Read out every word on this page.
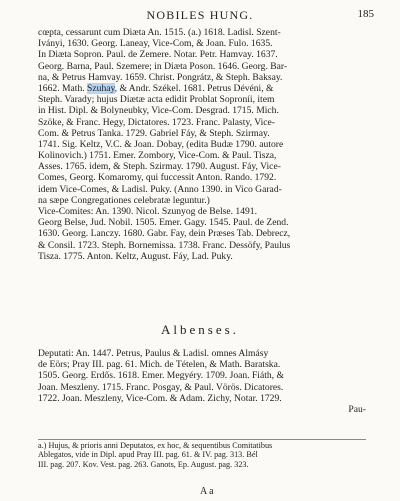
NOBILES HUNG.	185
cœpta, cessarunt cum Diæta An. 1515. (a.) 1618. Ladisl. Szent-
Iványi, 1630. Georg. Laneay, Vice-Com, & Joan. Fulo. 1635.
In Diæta Sopron. Paul. de Zemere. Notar. Petr. Hamvay. 1637.
Georg. Barna, Paul. Szemere; in Diæta Poson. 1646. Georg. Bar-
na, & Petrus Hamvay. 1659. Christ. Pongrátz, & Steph. Baksay.
1662. Math. Szuhay, & Andr. Székel. 1681. Petrus Dévéni, &
Steph. Varady; hujus Diætæ acta edidit Problat Soproníi, item
in Hist. Dipl. & Bolyneubky, Vice-Com. Desgrad. 1715. Mich.
Szöke, & Franc. Hegy, Dictatores. 1723. Franc. Palasty, Vice-
Com. & Petrus Tanka. 1729. Gabriel Fáy, & Steph. Szirmay.
1741. Sig. Keltz, V.C. & Joan. Dobay, (edita Budæ 1790. autore
Kolinovich.) 1751. Emer. Zombory, Vice-Com. & Paul. Tisza,
Asses. 1765. idem, & Steph. Szirmay. 1790. August. Fáy, Vice-
Comes, Georg. Komaromy, qui fuccessit Anton. Rando. 1792.
idem Vice-Comes, & Ladisl. Puky. (Anno 1390. in Vico Garad-
na sæpe Congregationes celebratæ leguntur.)
Vice-Comites: An. 1390. Nicol. Szunyog de Belse. 1491.
Georg Belse, Jud. Nobil. 1505. Emer. Gagy. 1545. Paul. de Zend.
1630. Georg. Lanczy. 1680. Gabr. Fay, dein Præses Tab. Debrecz,
& Consil. 1723. Steph. Bornemissa. 1738. Franc. Dessöfy, Paulus
Tisza. 1775. Anton. Keltz, August. Fáy, Lad. Puky.
Albenses.
Deputati: An. 1447. Petrus, Paulus & Ladisl. omnes Almásy
de Eörs; Pray III. pag. 61. Mich. de Tételen, & Math. Baratska.
1505. Georg. Erdős. 1618. Emer. Megyéry. 1709. Joan. Fiáth, &
Joan. Meszleny. 1715. Franc. Posgay, & Paul. Vörös. Dicatores.
1722. Joan. Meszleny, Vice-Com. & Adam. Zichy, Notar. 1729.
Pau-
a.) Hujus, & prioris anni Deputatos, ex hoc, & sequentibus Comitatibus
Ablegatos, vide in Dipl. apud Pray III. pag. 61. & IV. pag. 313. Bél
III. pag. 207. Kov. Vest. pag. 263. Ganots, Ep. August. pag. 323.
A a
